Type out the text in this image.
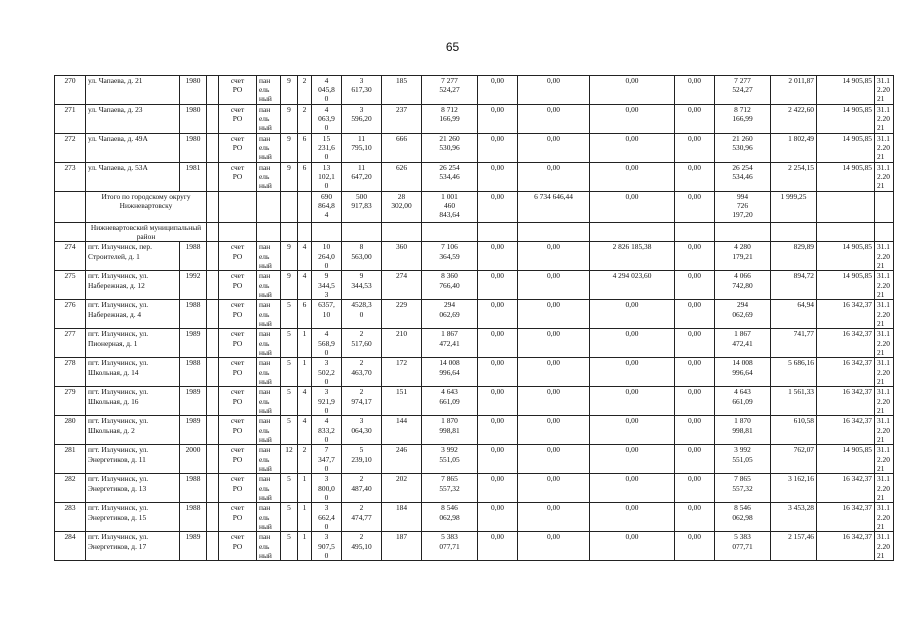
65
270	ул. Чапаева, д. 21	1980		счет
РО	пан
ель
ный	9	2	4
045,8
0	3
617,30	185	7 277
524,27	0,00	0,00	0,00	0,00	7 277
524,27	2 011,87	14 905,85	31.1
2.20
21

271	ул. Чапаева, д. 23	1980		счет
РО	пан
ель
ный	9	2	4
063,9
0	3
596,20	237	8 712
166,99	0,00	0,00	0,00	0,00	8 712
166,99	2 422,60	14 905,85	31.1
2.20
21

272	ул. Чапаева, д. 49А	1980		счет
РО	пан
ель
ный	9	6	15
231,6
0	11
795,10	666	21 260
530,96	0,00	0,00	0,00	0,00	21 260
530,96	1 802,49	14 905,85	31.1
2.20
21

273	ул. Чапаева, д. 53А	1981		счет
РО	пан
ель
ный	9	6	13
102,1
0	11
647,20	626	26 254
534,46	0,00	0,00	0,00	0,00	26 254
534,46	2 254,15	14 905,85	31.1
2.20
21

	Итого по городскому округу Нижневартовску							690
864,8
4	500
917,83	28
302,00	1 001
460
843,64	0,00	6 734 646,44	0,00	0,00	994
726
197,20	1 999,25		

	Нижневартовский муниципальный район																		

274	пгт. Излучинск, пер. Строителей, д. 1	1988		счет
РО	пан
ель
ный	9	4	10
264,0
0	8
563,00	360	7 106
364,59	0,00	0,00	2 826 185,38	0,00	4 280
179,21	829,89	14 905,85	31.1
2.20
21

275	пгт. Излучинск, ул. Набережная, д. 12	1992		счет
РО	пан
ель
ный	9	4	9
344,5
3	9
344,53	274	8 360
766,40	0,00	0,00	4 294 023,60	0,00	4 066
742,80	894,72	14 905,85	31.1
2.20
21

276	пгт. Излучинск, ул. Набережная, д. 4	1988		счет
РО	пан
ель
ный	5	6	6357,
10	4528,3
0	229	294
062,69	0,00	0,00	0,00	0,00	294
062,69	64,94	16 342,37	31.1
2.20
21

277	пгт. Излучинск, ул. Пионерная, д. 1	1989		счет
РО	пан
ель
ный	5	1	4
568,9
0	2
517,60	210	1 867
472,41	0,00	0,00	0,00	0,00	1 867
472,41	741,77	16 342,37	31.1
2.20
21

278	пгт. Излучинск, ул. Школьная, д. 14	1988		счет
РО	пан
ель
ный	5	1	3
502,2
0	2
463,70	172	14 008
996,64	0,00	0,00	0,00	0,00	14 008
996,64	5 686,16	16 342,37	31.1
2.20
21

279	пгт. Излучинск, ул. Школьная, д. 16	1989		счет
РО	пан
ель
ный	5	4	3
921,9
0	2
974,17	151	4 643
661,09	0,00	0,00	0,00	0,00	4 643
661,09	1 561,33	16 342,37	31.1
2.20
21

280	пгт. Излучинск, ул. Школьная, д. 2	1989		счет
РО	пан
ель
ный	5	4	4
833,2
0	3
064,30	144	1 870
998,81	0,00	0,00	0,00	0,00	1 870
998,81	610,58	16 342,37	31.1
2.20
21

281	пгт. Излучинск, ул. Энергетиков, д. 11	2000		счет
РО	пан
ель
ный	12	2	7
347,7
0	5
239,10	246	3 992
551,05	0,00	0,00	0,00	0,00	3 992
551,05	762,07	14 905,85	31.1
2.20
21

282	пгт. Излучинск, ул. Энергетиков, д. 13	1988		счет
РО	пан
ель
ный	5	1	3
800,0
0	2
487,40	202	7 865
557,32	0,00	0,00	0,00	0,00	7 865
557,32	3 162,16	16 342,37	31.1
2.20
21

283	пгт. Излучинск, ул. Энергетиков, д. 15	1988		счет
РО	пан
ель
ный	5	1	3
662,4
0	2
474,77	184	8 546
062,98	0,00	0,00	0,00	0,00	8 546
062,98	3 453,28	16 342,37	31.1
2.20
21

284	пгт. Излучинск, ул. Энергетиков, д. 17	1989		счет
РО	пан
ель
ный	5	1	3
907,5
0	2
495,10	187	5 383
077,71	0,00	0,00	0,00	0,00	5 383
077,71	2 157,46	16 342,37	31.1
2.20
21
